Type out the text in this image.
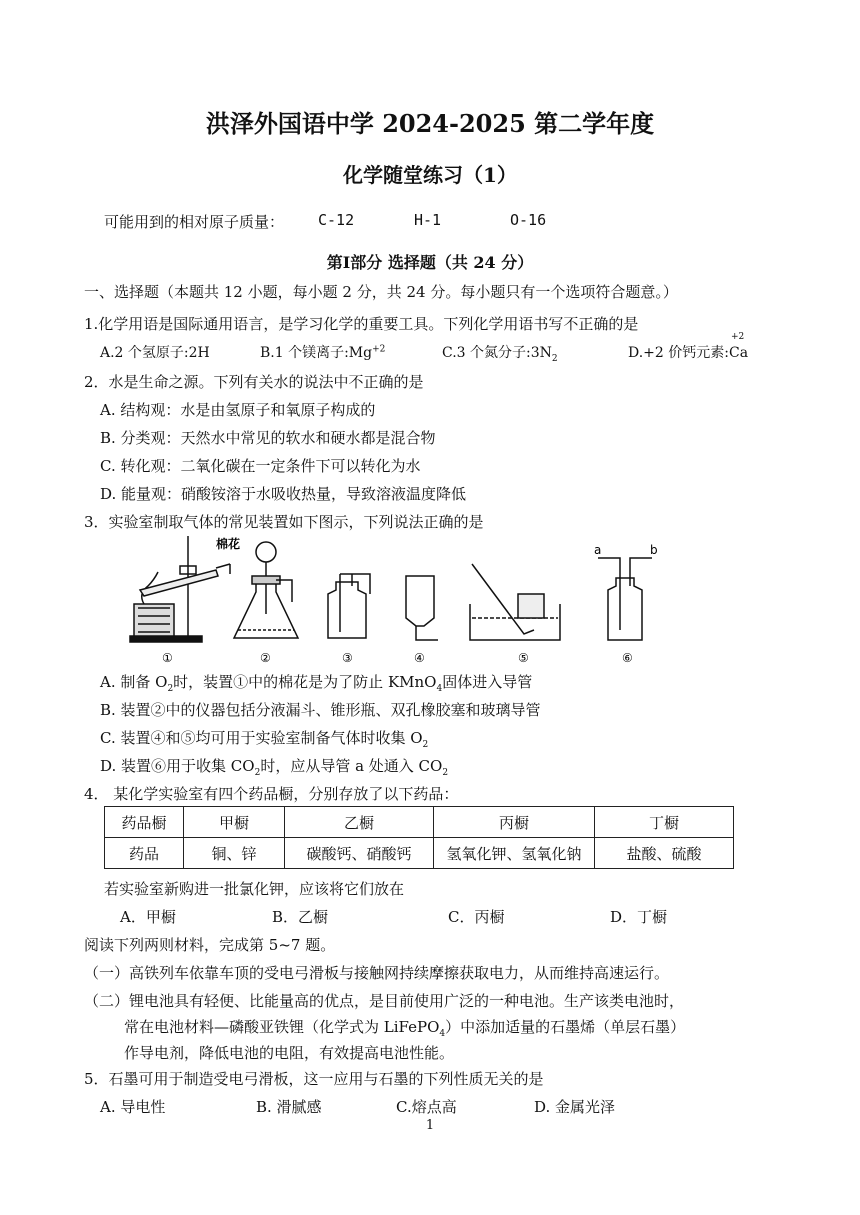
洪泽外国语中学 2024-2025 第二学年度
化学随堂练习（1）
可能用到的相对原子质量： C-12	H-1	O-16
第Ⅰ部分 选择题（共 24 分）
一、选择题（本题共 12 小题，每小题 2 分，共 24 分。每小题只有一个选项符合题意。）
1.化学用语是国际通用语言，是学习化学的重要工具。下列化学用语书写不正确的是
A.2 个氢原子:2H	B.1 个镁离子$:Mg^{+2}$	C.3 个氮分子$:3N_2$	D.+2 价钙元素:
+2
Ca
2．水是生命之源。下列有关水的说法中不正确的是
A. 结构观：水是由氢原子和氧原子构成的
B. 分类观：天然水中常见的软水和硬水都是混合物
C. 转化观：二氧化碳在一定条件下可以转化为水
D. 能量观：硝酸铵溶于水吸收热量，导致溶液温度降低
3．实验室制取气体的常见装置如下图示，下列说法正确的是
棉花	a	b
①	②	③	④	⑤	⑥
A. 制备 $O_2$时，装置①中的棉花是为了防止 KMnO$_4$固体进入导管
B. 装置②中的仪器包括分液漏斗、锥形瓶、双孔橡胶塞和玻璃导管
C. 装置④和⑤均可用于实验室制备气体时收集 $O_2$
D. 装置⑥用于收集 $CO_2$时，应从导管 a 处通入 $CO_2$
4． 某化学实验室有四个药品橱，分别存放了以下药品：
药品橱	甲橱	乙橱	丙橱	丁橱
药品	铜、锌	碳酸钙、硝酸钙	氢氧化钾、氢氧化钠	盐酸、硫酸
若实验室新购进一批氯化钾，应该将它们放在
A．甲橱	B．乙橱	C．丙橱	D．丁橱
阅读下列两则材料，完成第 5~7 题。
（一）高铁列车依靠车顶的受电弓滑板与接触网持续摩擦获取电力，从而维持高速运行。
（二）锂电池具有轻便、比能量高的优点，是目前使用广泛的一种电池。生产该类电池时，
常在电池材料—磷酸亚铁锂（化学式为 LiFePO$_4$）中添加适量的石墨烯（单层石墨）
作导电剂，降低电池的电阻，有效提高电池性能。
5．石墨可用于制造受电弓滑板，这一应用与石墨的下列性质无关的是
A. 导电性	B. 滑腻感	C.熔点高	D. 金属光泽
1
